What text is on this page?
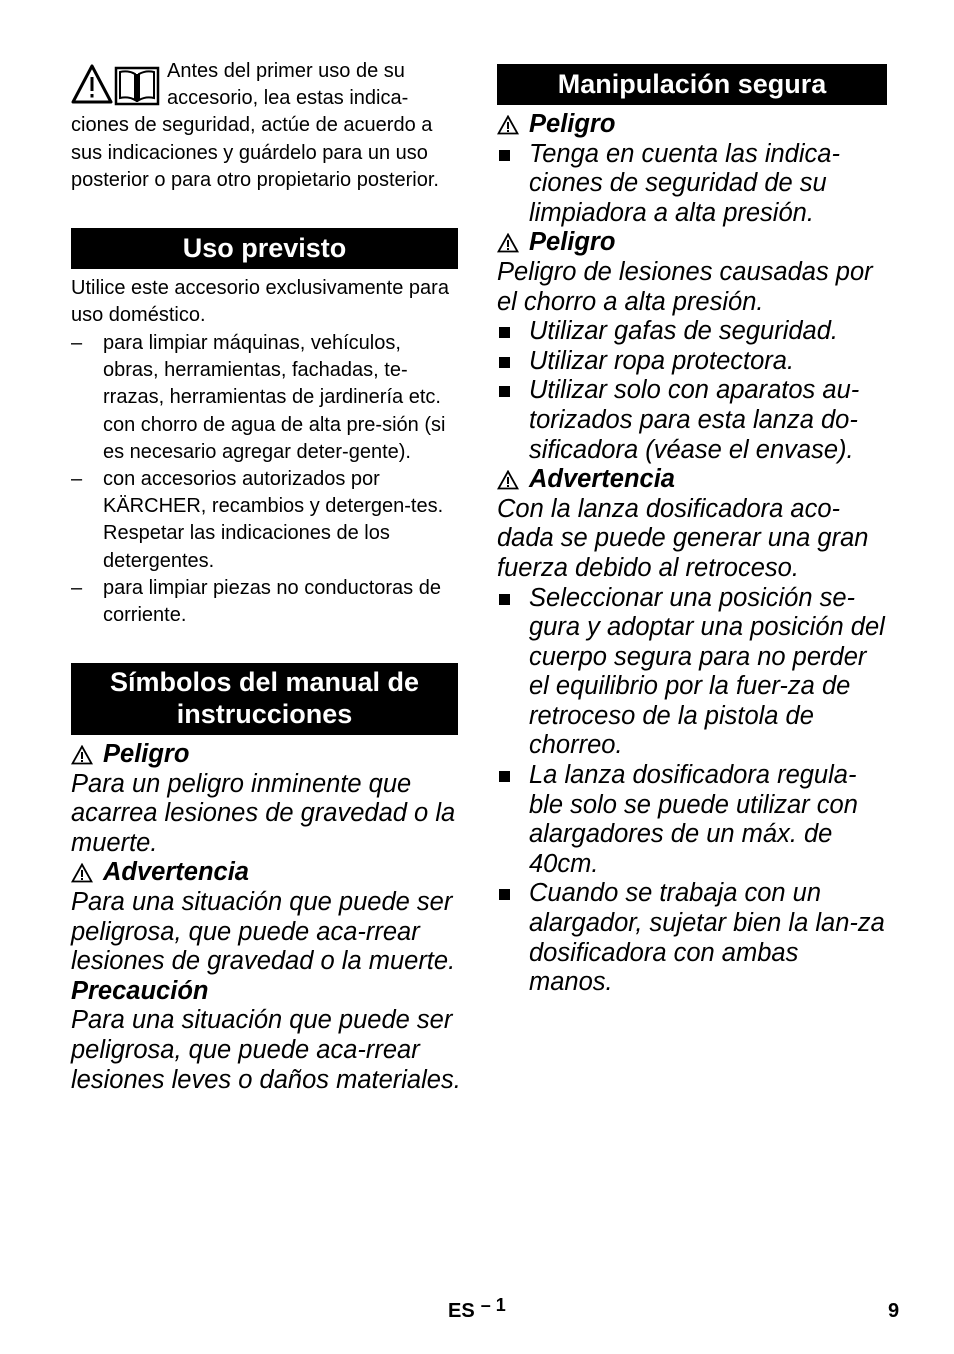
Antes del primer uso de su
accesorio, lea estas indica-
ciones de seguridad, actúe de acuerdo a sus indicaciones y guárdelo para un uso posterior o para otro propietario posterior.

Uso previsto

Utilice este accesorio exclusivamente para uso doméstico.

– para limpiar máquinas, vehículos, obras, herramientas, fachadas, te-rrazas, herramientas de jardinería etc. con chorro de agua de alta pre-sión (si es necesario agregar deter-gente).
– con accesorios autorizados por KÄRCHER, recambios y detergen-tes. Respetar las indicaciones de los detergentes.
– para limpiar piezas no conductoras de corriente.
Símbolos del manual de
instrucciones
Peligro

Para un peligro inminente que acarrea lesiones de gravedad o la muerte.

Advertencia

Para una situación que puede ser peligrosa, que puede aca-rrear lesiones de gravedad o la muerte.

Precaución

Para una situación que puede ser peligrosa, que puede aca-rrear lesiones leves o daños materiales.

Manipulación segura
Peligro
Tenga en cuenta las indica-ciones de seguridad de su limpiadora a alta presión.
Peligro

Peligro de lesiones causadas por el chorro a alta presión.

Utilizar gafas de seguridad.
Utilizar ropa protectora.
Utilizar solo con aparatos au-torizados para esta lanza do-sificadora (véase el envase).
Advertencia

Con la lanza dosificadora aco-dada se puede generar una gran fuerza debido al retroceso.

Seleccionar una posición se-gura y adoptar una posición del cuerpo segura para no perder el equilibrio por la fuer-za de retroceso de la pistola de chorreo.
La lanza dosificadora regula-ble solo se puede utilizar con alargadores de un máx. de 40cm.
Cuando se trabaja con un alargador, sujetar bien la lan-za dosificadora con ambas manos.
ES – 1	9
